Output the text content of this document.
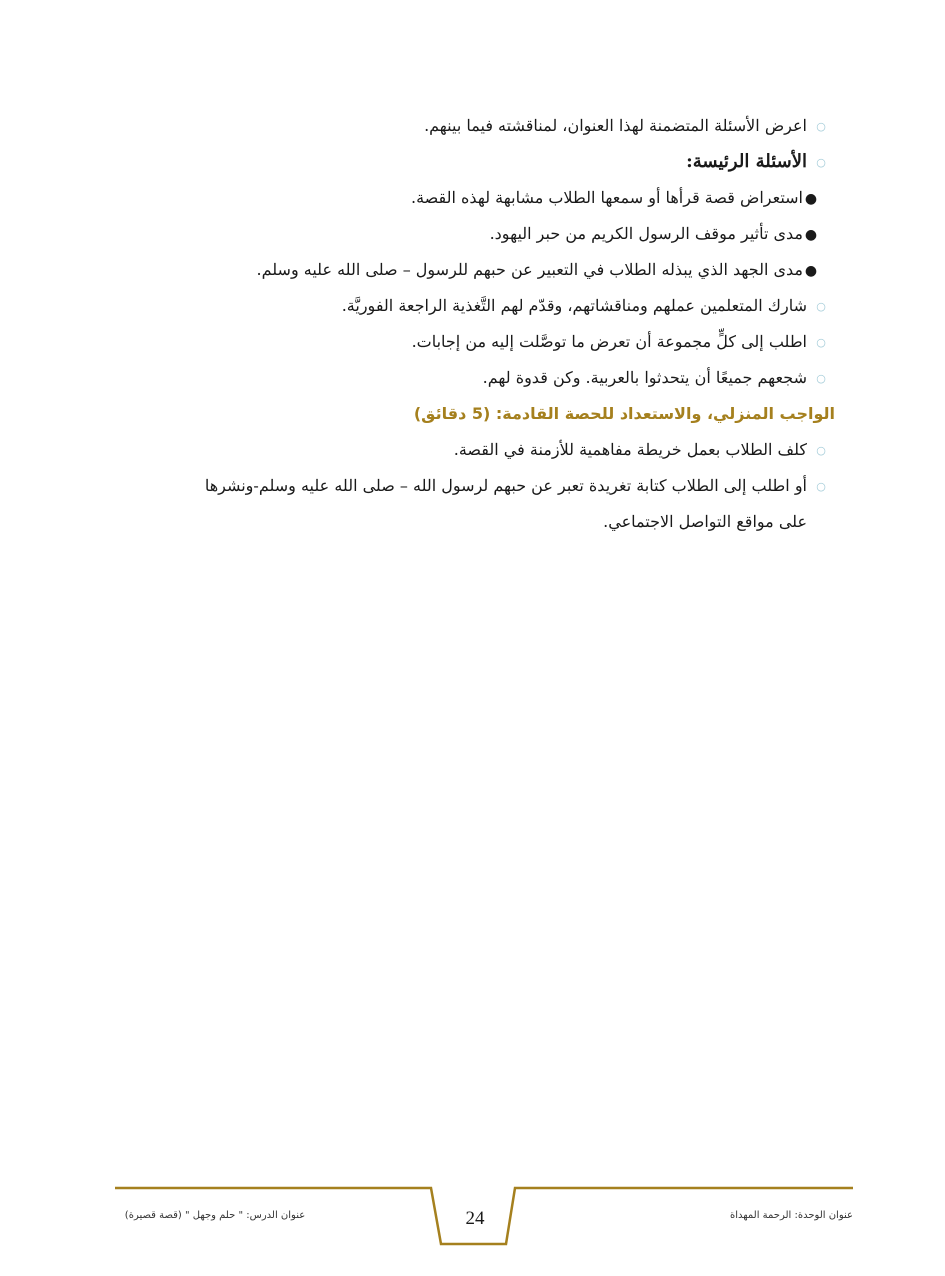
○اعرض الأسئلة المتضمنة لهذا العنوان، لمناقشته فيما بينهم.
○الأسئلة الرئيسة:
●استعراض قصة قرأها أو سمعها الطلاب مشابهة لهذه القصة.
●مدى تأثير موقف الرسول الكريم من حبر اليهود.
●مدى الجهد الذي يبذله الطلاب في التعبير عن حبهم للرسول – صلى الله عليه وسلم.
○شارك المتعلمين عملهم ومناقشاتهم، وقدّم لهم التَّغذية الراجعة الفوريَّة.
○اطلب إلى كلٍّ مجموعة أن تعرض ما توصَّلت إليه من إجابات.
○شجعهم جميعًا أن يتحدثوا بالعربية. وكن قدوة لهم.
الواجب المنزلي، والاستعداد للحصة القادمة: (5 دقائق)
○كلف الطلاب بعمل خريطة مفاهمية للأزمنة في القصة.
○أو اطلب إلى الطلاب كتابة تغريدة تعبر عن حبهم لرسول الله – صلى الله عليه وسلم-ونشرها
على مواقع التواصل الاجتماعي.
عنوان الدرس: " حلم وجهل " (قصة قصيرة)	24	عنوان الوحدة: الرحمة المهداة
